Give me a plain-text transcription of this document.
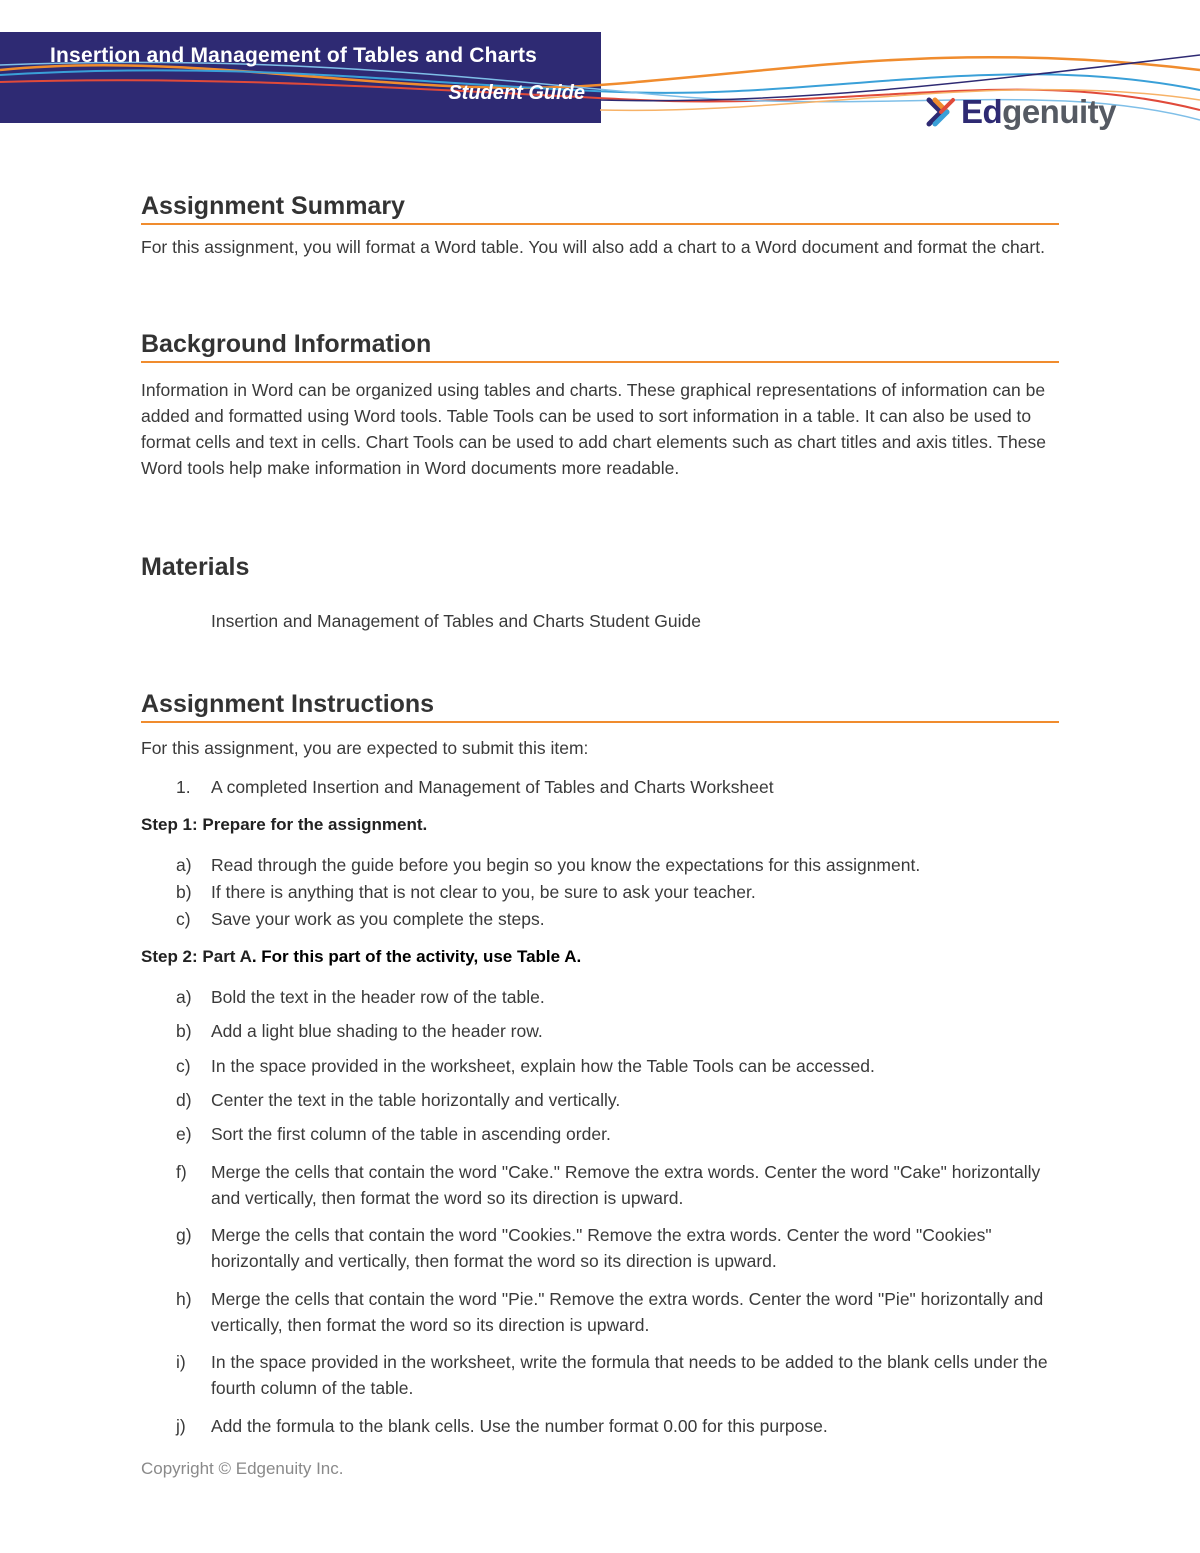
Insertion and Management of Tables and Charts
Student Guide	Edgenuity
Assignment Summary

For this assignment, you will format a Word table. You will also add a chart to a Word document and format the chart.

Background Information

Information in Word can be organized using tables and charts. These graphical representations of information can be added and formatted using Word tools. Table Tools can be used to sort information in a table. It can also be used to format cells and text in cells. Chart Tools can be used to add chart elements such as chart titles and axis titles. These Word tools help make information in Word documents more readable.

Materials
Insertion and Management of Tables and Charts Student Guide
Assignment Instructions
For this assignment, you are expected to submit this item:
1. A completed Insertion and Management of Tables and Charts Worksheet
Step 1: Prepare for the assignment.
a) Read through the guide before you begin so you know the expectations for this assignment.
b) If there is anything that is not clear to you, be sure to ask your teacher.
c) Save your work as you complete the steps.
Step 2: Part A. For this part of the activity, use Table A.
a) Bold the text in the header row of the table.
b) Add a light blue shading to the header row.
c) In the space provided in the worksheet, explain how the Table Tools can be accessed.
d) Center the text in the table horizontally and vertically.
e) Sort the first column of the table in ascending order.
f) Merge the cells that contain the word "Cake." Remove the extra words. Center the word "Cake" horizontally and vertically, then format the word so its direction is upward.
g) Merge the cells that contain the word "Cookies." Remove the extra words. Center the word "Cookies" horizontally and vertically, then format the word so its direction is upward.
h) Merge the cells that contain the word "Pie." Remove the extra words. Center the word "Pie" horizontally and vertically, then format the word so its direction is upward.
i) In the space provided in the worksheet, write the formula that needs to be added to the blank cells under the fourth column of the table.
j) Add the formula to the blank cells. Use the number format 0.00 for this purpose.
Copyright © Edgenuity Inc.
